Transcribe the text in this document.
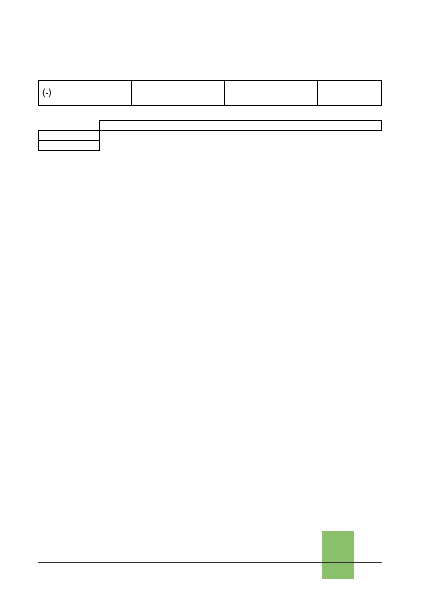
( )			
